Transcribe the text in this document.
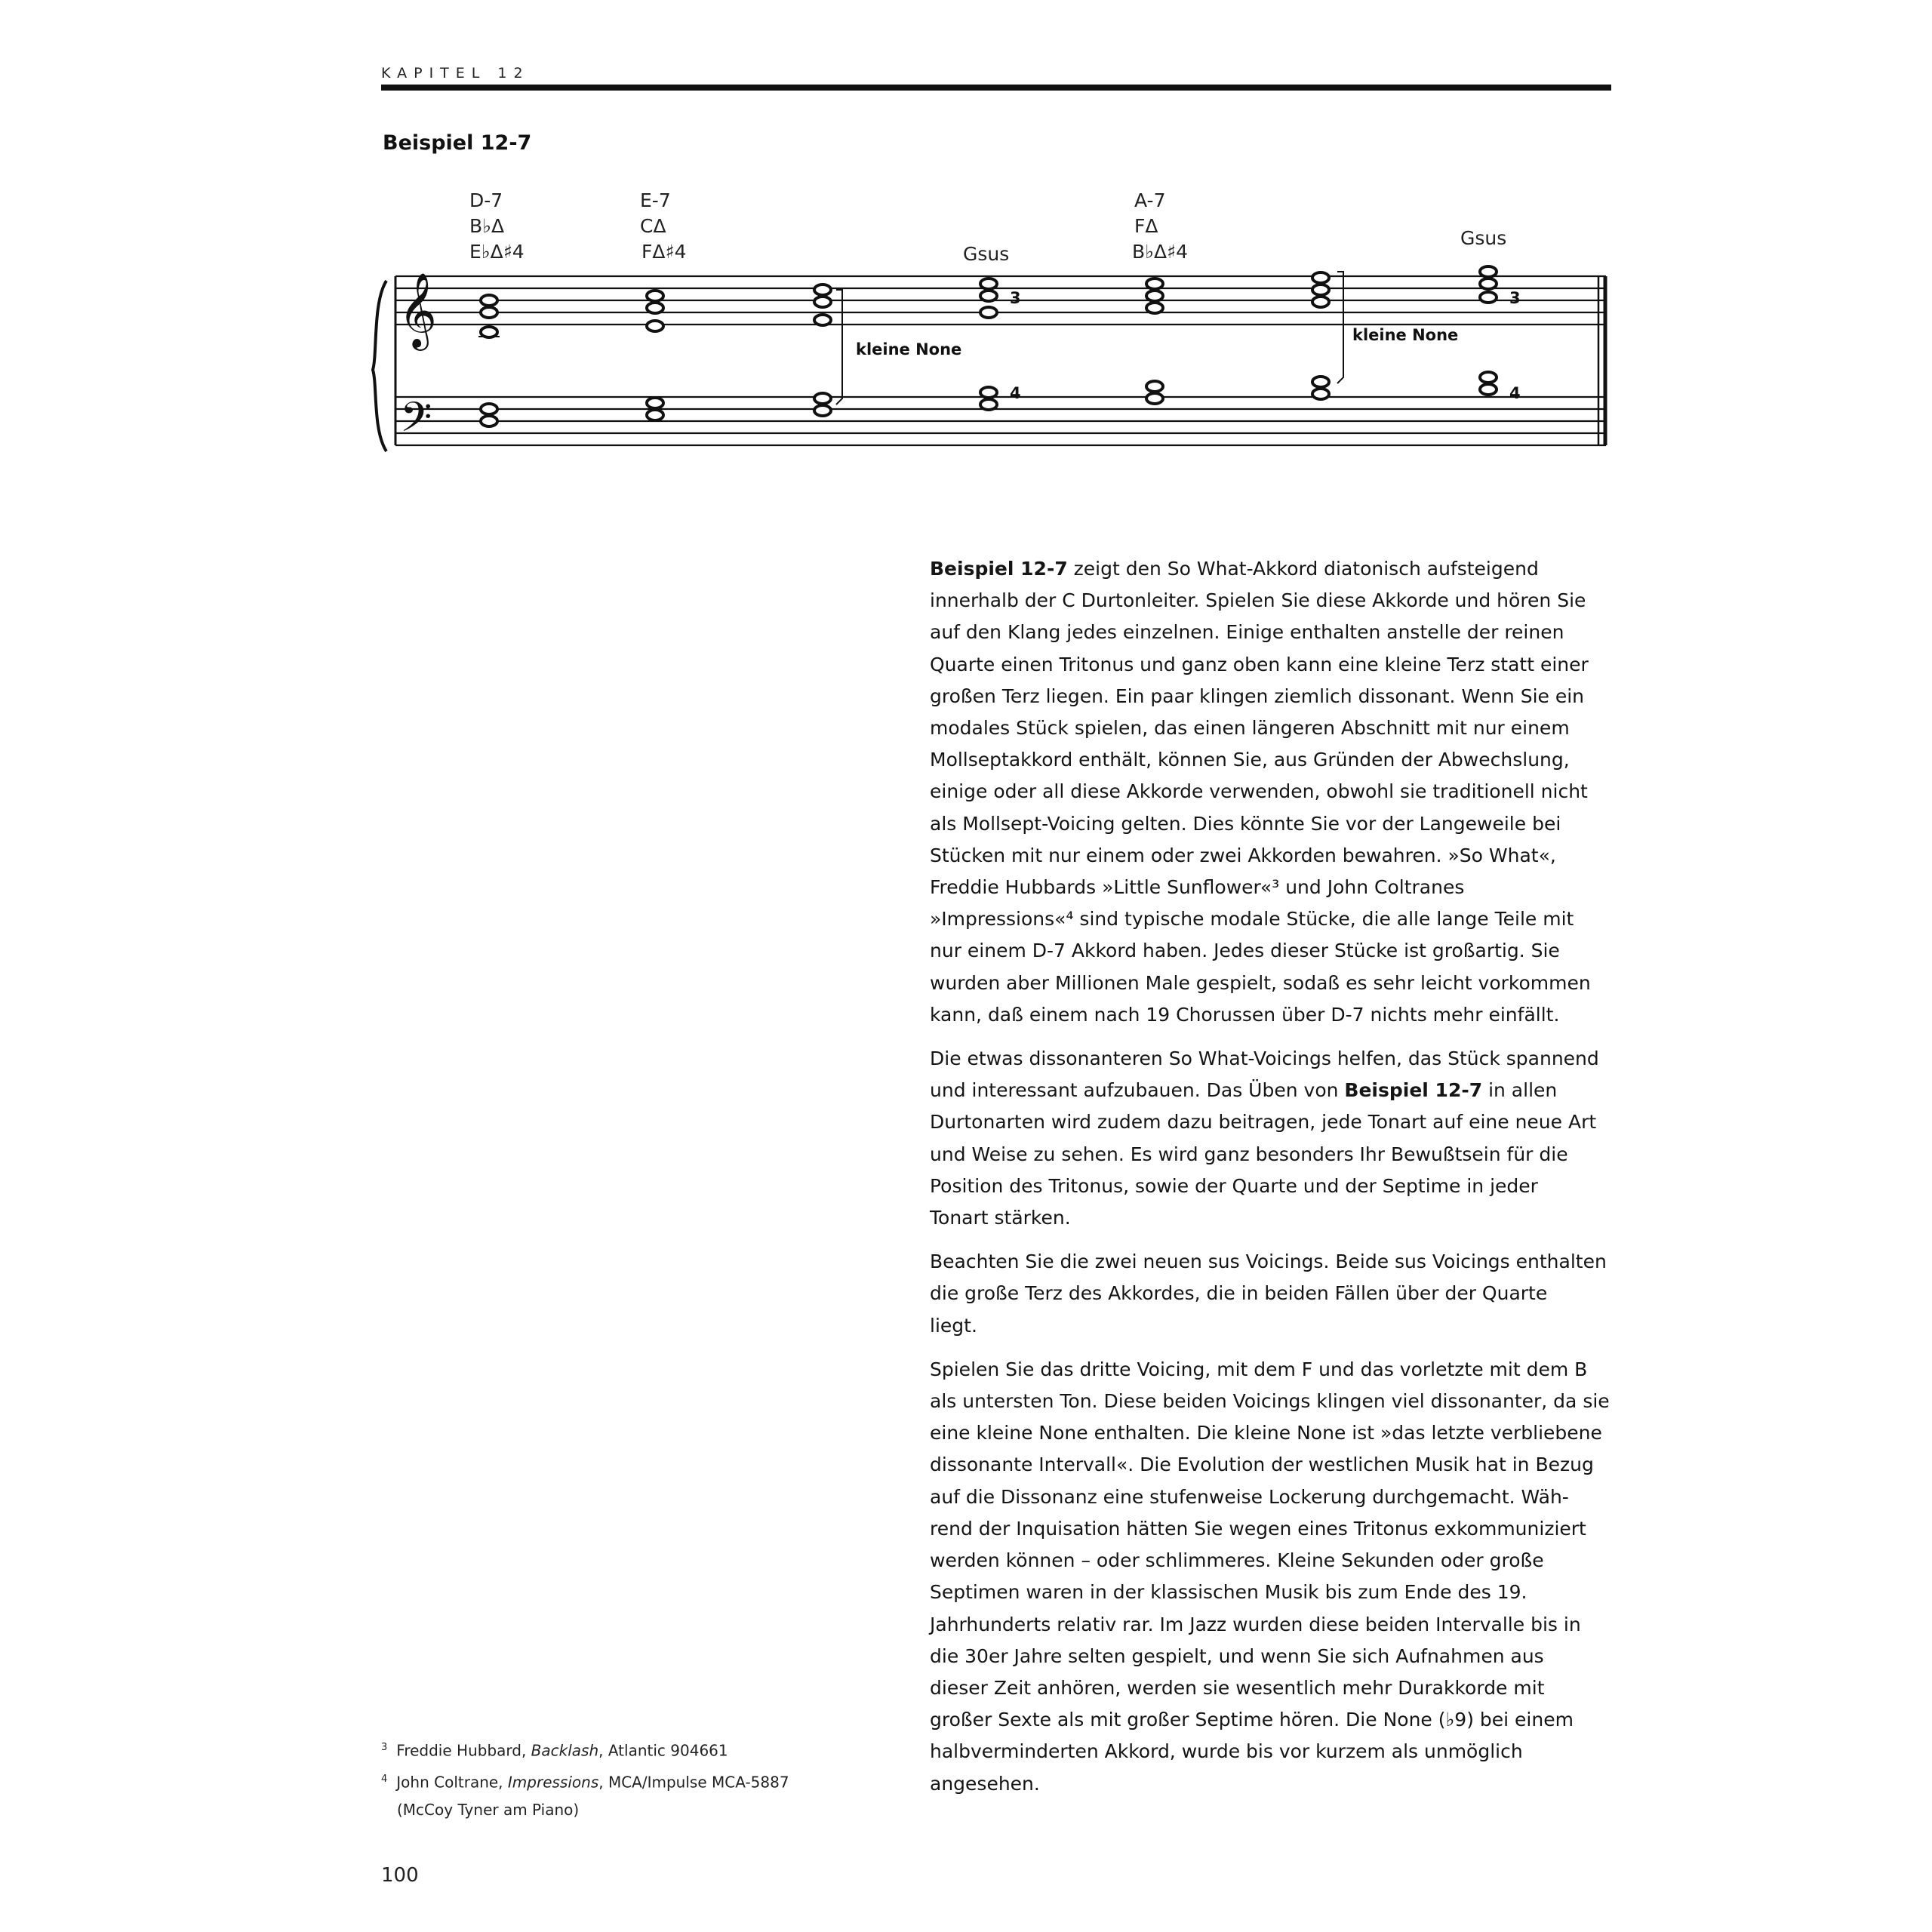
KAPITEL 12
Beispiel 12-7
D-7
B♭Δ
E♭Δ♯4
E-7
CΔ
FΔ♯4	Gsus
A-7
FΔ
B♭Δ♯4
Gsus
𝄞
𝄢
kleine None
kleine None
3
4
3
4

Beispiel 12-7 zeigt den So What-Akkord diatonisch aufsteigend
innerhalb der C Durtonleiter. Spielen Sie diese Akkorde und hören Sie
auf den Klang jedes einzelnen. Einige enthalten anstelle der reinen
Quarte einen Tritonus und ganz oben kann eine kleine Terz statt einer
großen Terz liegen. Ein paar klingen ziemlich dissonant. Wenn Sie ein
modales Stück spielen, das einen längeren Abschnitt mit nur einem
Mollseptakkord enthält, können Sie, aus Gründen der Abwechslung,
einige oder all diese Akkorde verwenden, obwohl sie traditionell nicht
als Mollsept-Voicing gelten. Dies könnte Sie vor der Langeweile bei
Stücken mit nur einem oder zwei Akkorden bewahren. »So What«,
Freddie Hubbards »Little Sunflower«³ und John Coltranes
»Impressions«⁴ sind typische modale Stücke, die alle lange Teile mit
nur einem D-7 Akkord haben. Jedes dieser Stücke ist großartig. Sie
wurden aber Millionen Male gespielt, sodaß es sehr leicht vorkommen
kann, daß einem nach 19 Chorussen über D-7 nichts mehr einfällt.

Die etwas dissonanteren So What-Voicings helfen, das Stück spannend
und interessant aufzubauen. Das Üben von Beispiel 12-7 in allen
Durtonarten wird zudem dazu beitragen, jede Tonart auf eine neue Art
und Weise zu sehen. Es wird ganz besonders Ihr Bewußtsein für die
Position des Tritonus, sowie der Quarte und der Septime in jeder
Tonart stärken.

Beachten Sie die zwei neuen sus Voicings. Beide sus Voicings enthalten
die große Terz des Akkordes, die in beiden Fällen über der Quarte
liegt.

Spielen Sie das dritte Voicing, mit dem F und das vorletzte mit dem B
als untersten Ton. Diese beiden Voicings klingen viel dissonanter, da sie
eine kleine None enthalten. Die kleine None ist »das letzte verbliebene
dissonante Intervall«. Die Evolution der westlichen Musik hat in Bezug
auf die Dissonanz eine stufenweise Lockerung durchgemacht. Wäh-
rend der Inquisation hätten Sie wegen eines Tritonus exkommuniziert
werden können – oder schlimmeres. Kleine Sekunden oder große
Septimen waren in der klassischen Musik bis zum Ende des 19.
Jahrhunderts relativ rar. Im Jazz wurden diese beiden Intervalle bis in
die 30er Jahre selten gespielt, und wenn Sie sich Aufnahmen aus
dieser Zeit anhören, werden sie wesentlich mehr Durakkorde mit
großer Sexte als mit großer Septime hören. Die None (♭9) bei einem
halbverminderten Akkord, wurde bis vor kurzem als unmöglich
angesehen.

$^3$ Freddie Hubbard, Backlash, Atlantic 904661
$^4$ John Coltrane, Impressions, MCA/Impulse MCA-5887
(McCoy Tyner am Piano)
100
